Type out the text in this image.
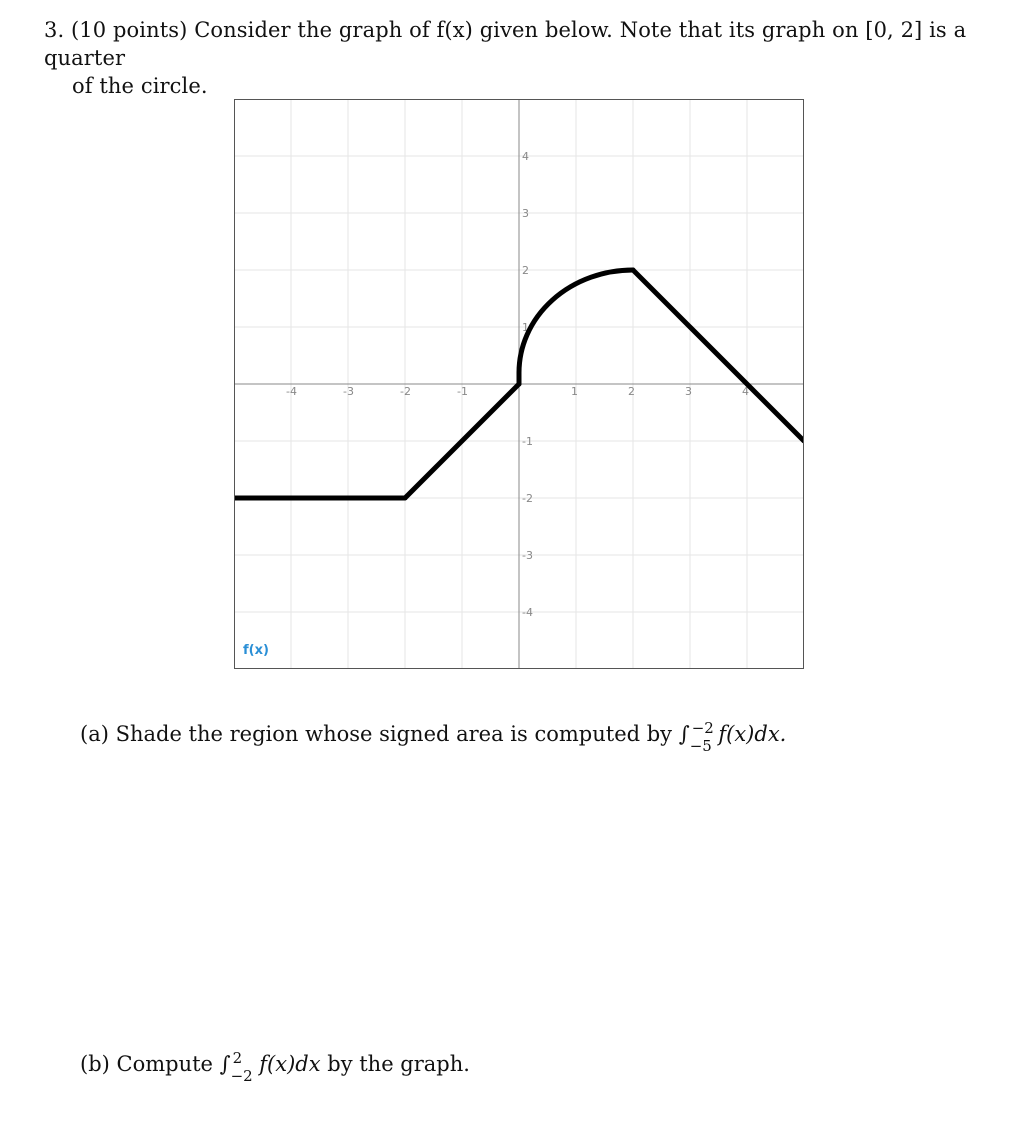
3. (10 points) Consider the graph of f(x) given below. Note that its graph on [0, 2] is a quarter
of the circle.
-4	-3	-2	-1	1	2	3	4
4
3
2
1
-1
-2
-3
-4
f(x)
(a) Shade the region whose signed area is computed by ∫ −2
−5 f(x)dx.
(b) Compute ∫ 2
−2 f(x)dx by the graph.
